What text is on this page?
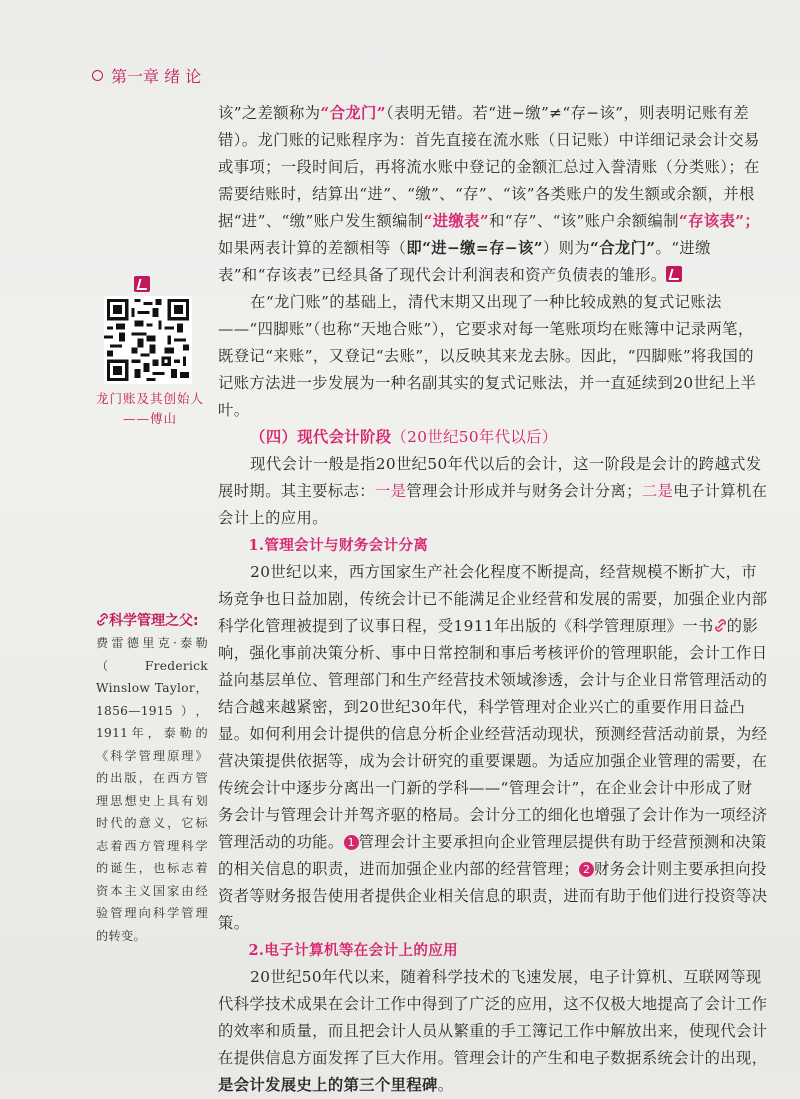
第一章 绪 论

该”之差额称为“合龙门”（表明无错。若“进−缴”≠“存−该”，则表明记账有差错）。龙门账的记账程序为：首先直接在流水账（日记账）中详细记录会计交易或事项；一段时间后，再将流水账中登记的金额汇总过入誊清账（分类账）；在需要结账时，结算出“进”、“缴”、“存”、“该”各类账户的发生额或余额，并根据“进”、“缴”账户发生额编制“进缴表”和“存”、“该”账户余额编制“存该表”；如果两表计算的差额相等（即“进−缴=存−该”）则为“合龙门”。“进缴表”和“存该表”已经具备了现代会计利润表和资产负债表的雏形。

在“龙门账”的基础上，清代末期又出现了一种比较成熟的复式记账法——“四脚账”（也称“天地合账”），它要求对每一笔账项均在账簿中记录两笔，既登记“来账”，又登记“去账”，以反映其来龙去脉。因此，“四脚账”将我国的记账方法进一步发展为一种名副其实的复式记账法，并一直延续到20世纪上半叶。

（四）现代会计阶段（20世纪50年代以后）

现代会计一般是指20世纪50年代以后的会计，这一阶段是会计的跨越式发展时期。其主要标志：一是管理会计形成并与财务会计分离；二是电子计算机在会计上的应用。

1.管理会计与财务会计分离

20世纪以来，西方国家生产社会化程度不断提高，经营规模不断扩大，市场竞争也日益加剧，传统会计已不能满足企业经营和发展的需要，加强企业内部科学化管理被提到了议事日程，受1911年出版的《科学管理原理》一书 的影响，强化事前决策分析、事中日常控制和事后考核评价的管理职能，会计工作日益向基层单位、管理部门和生产经营技术领域渗透，会计与企业日常管理活动的结合越来越紧密，到20世纪30年代，科学管理对企业兴亡的重要作用日益凸显。如何利用会计提供的信息分析企业经营活动现状，预测经营活动前景，为经营决策提供依据等，成为会计研究的重要课题。为适应加强企业管理的需要，在传统会计中逐步分离出一门新的学科——“管理会计”，在企业会计中形成了财务会计与管理会计并驾齐驱的格局。会计分工的细化也增强了会计作为一项经济管理活动的功能。 1 管理会计主要承担向企业管理层提供有助于经营预测和决策的相关信息的职责，进而加强企业内部的经营管理； 2 财务会计则主要承担向投资者等财务报告使用者提供企业相关信息的职责，进而有助于他们进行投资等决策。

2.电子计算机等在会计上的应用

20世纪50年代以来，随着科学技术的飞速发展，电子计算机、互联网等现代科学技术成果在会计工作中得到了广泛的应用，这不仅极大地提高了会计工作的效率和质量，而且把会计人员从繁重的手工簿记工作中解放出来，使现代会计在提供信息方面发挥了巨大作用。管理会计的产生和电子数据系统会计的出现，是会计发展史上的第三个里程碑。

龙门账及其创始人
——傅山
科学管理之父:
费雷德里克·泰勒（Frederick Winslow Taylor，1856—1915），1911年，泰勒的《科学管理原理》的出版，在西方管理思想史上具有划时代的意义，它标志着西方管理科学的诞生，也标志着资本主义国家由经验管理向科学管理的转变。
